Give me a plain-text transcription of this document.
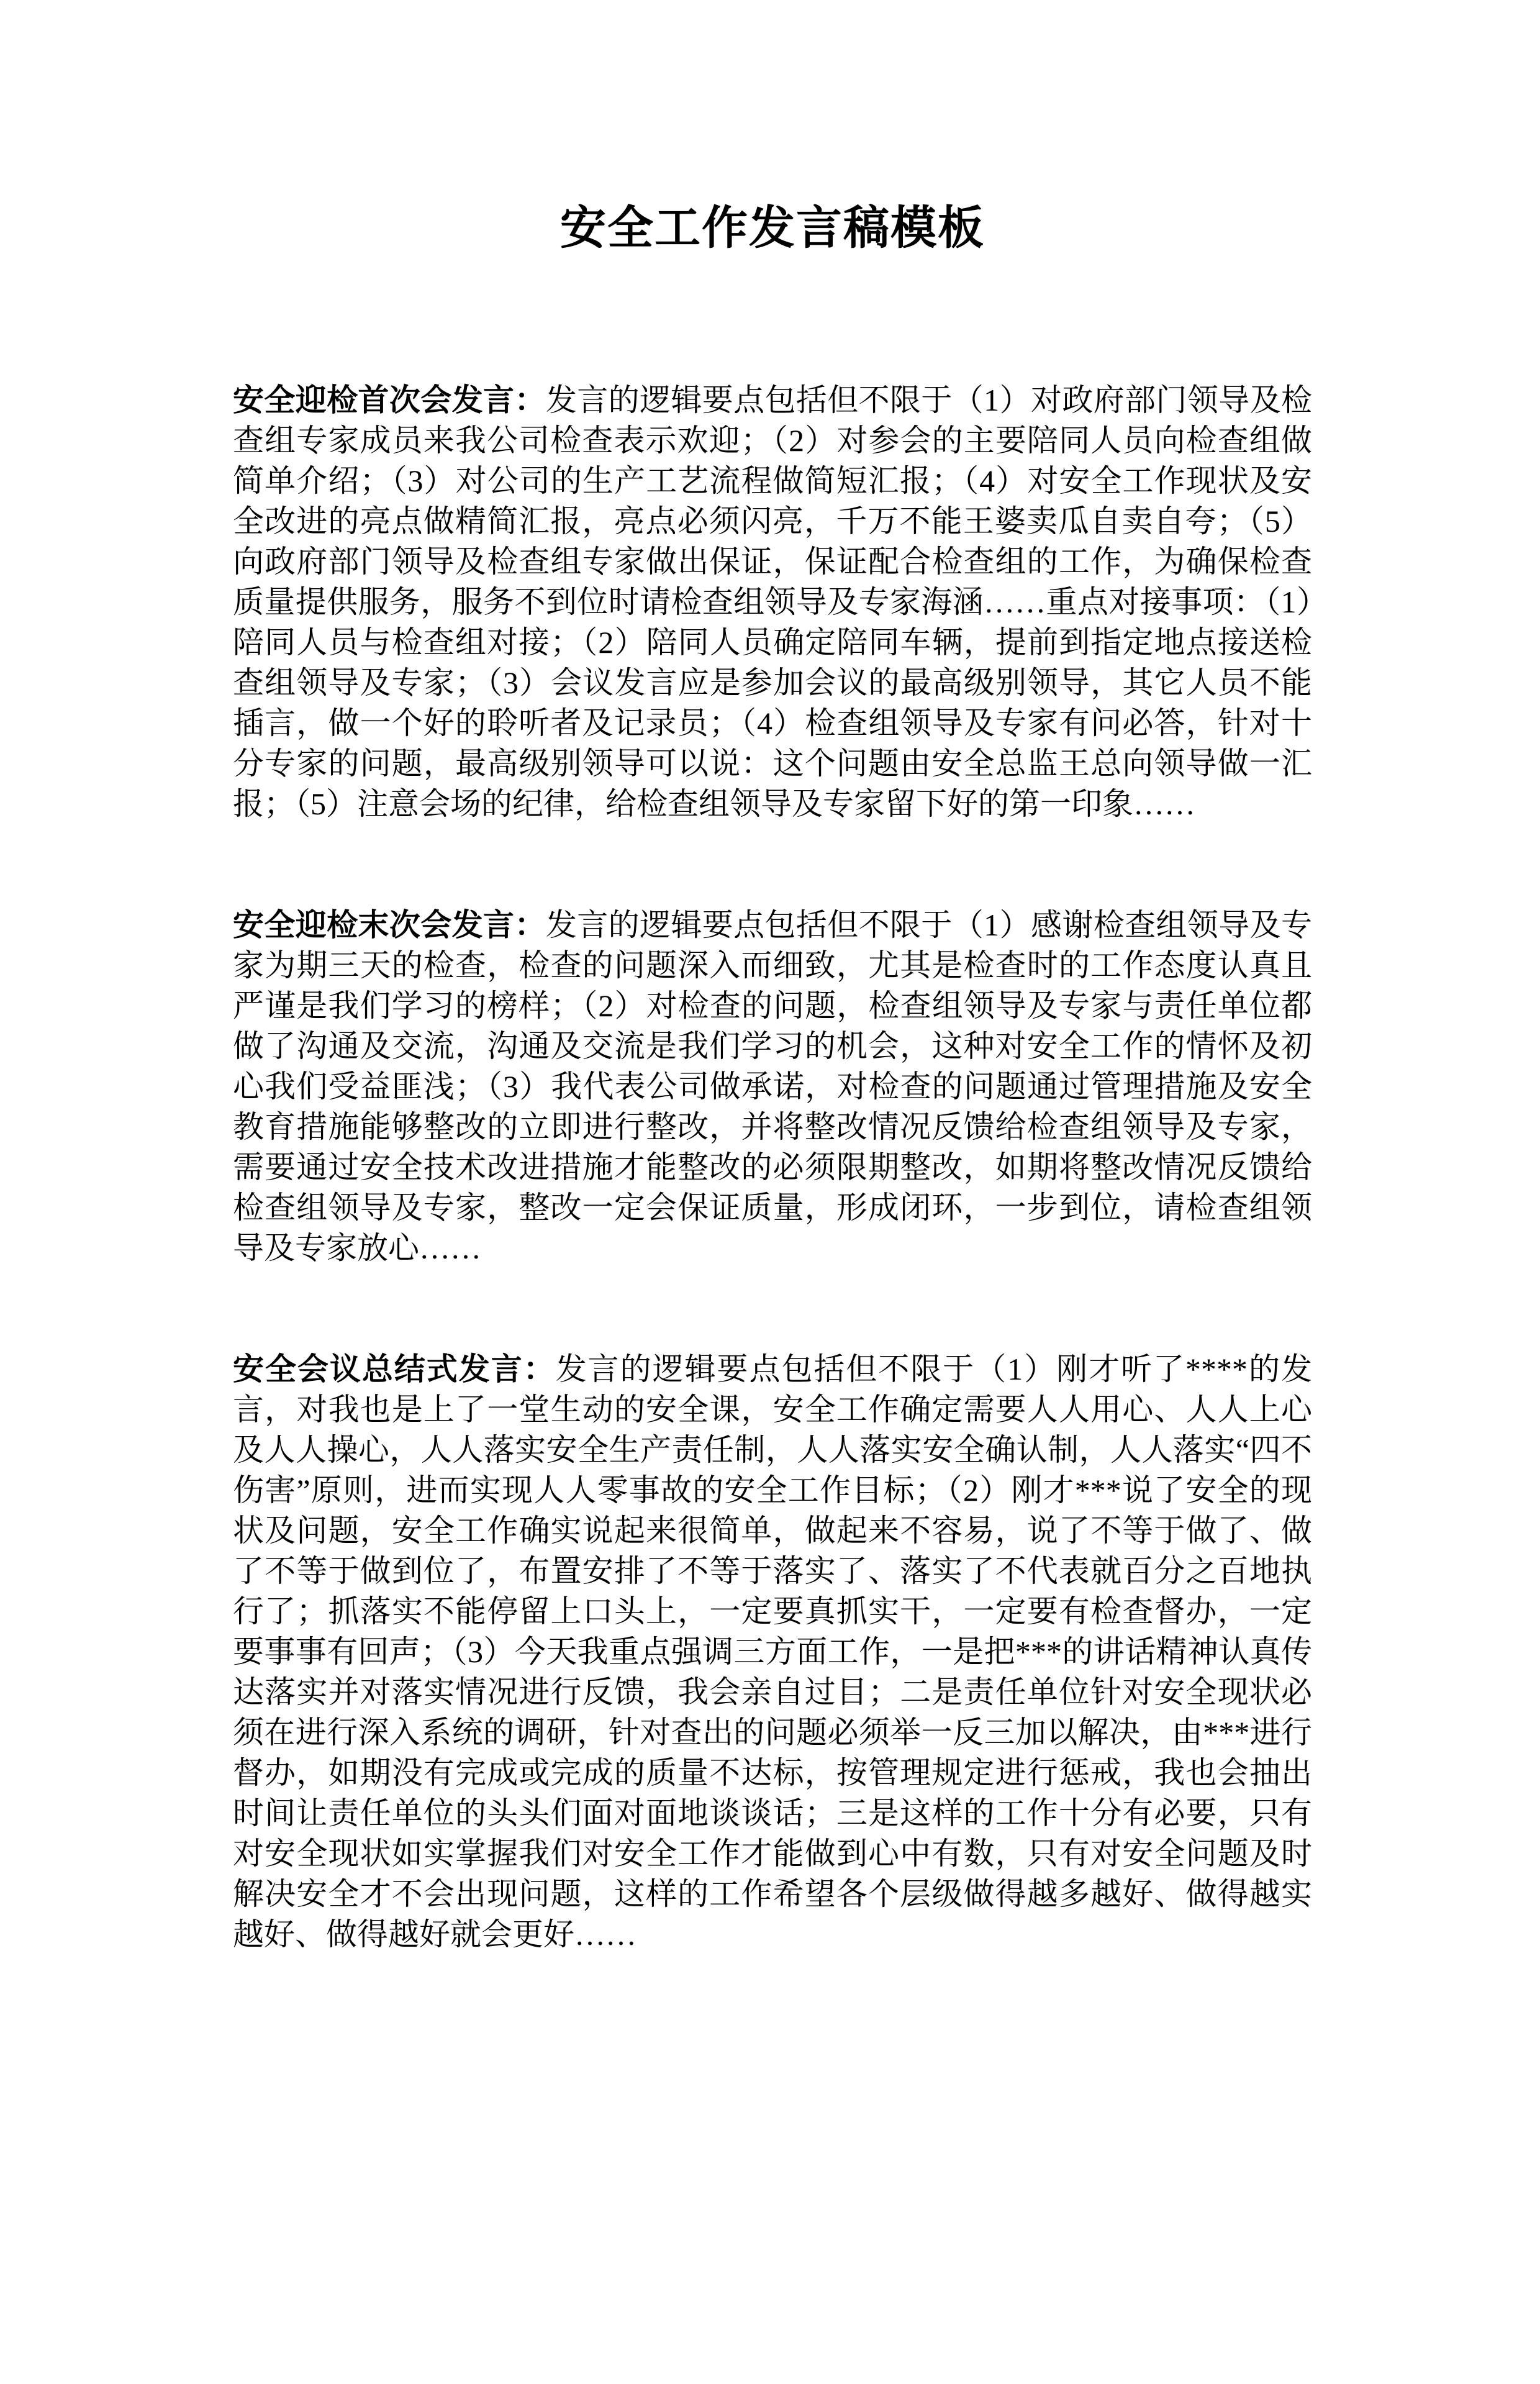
安全工作发言稿模板

安全迎检首次会发言：发言的逻辑要点包括但不限于（1）对政府部门领导及检查组专家成员来我公司检查表示欢迎；（2）对参会的主要陪同人员向检查组做简单介绍；（3）对公司的生产工艺流程做简短汇报；（4）对安全工作现状及安全改进的亮点做精简汇报，亮点必须闪亮，千万不能王婆卖瓜自卖自夸；（5）向政府部门领导及检查组专家做出保证，保证配合检查组的工作，为确保检查质量提供服务，服务不到位时请检查组领导及专家海涵……重点对接事项：（1）陪同人员与检查组对接；（2）陪同人员确定陪同车辆，提前到指定地点接送检查组领导及专家；（3）会议发言应是参加会议的最高级别领导，其它人员不能插言，做一个好的聆听者及记录员；（4）检查组领导及专家有问必答，针对十分专家的问题，最高级别领导可以说：这个问题由安全总监王总向领导做一汇报；（5）注意会场的纪律，给检查组领导及专家留下好的第一印象……

安全迎检末次会发言：发言的逻辑要点包括但不限于（1）感谢检查组领导及专家为期三天的检查，检查的问题深入而细致，尤其是检查时的工作态度认真且严谨是我们学习的榜样；（2）对检查的问题，检查组领导及专家与责任单位都做了沟通及交流，沟通及交流是我们学习的机会，这种对安全工作的情怀及初心我们受益匪浅；（3）我代表公司做承诺，对检查的问题通过管理措施及安全教育措施能够整改的立即进行整改，并将整改情况反馈给检查组领导及专家，需要通过安全技术改进措施才能整改的必须限期整改，如期将整改情况反馈给检查组领导及专家，整改一定会保证质量，形成闭环，一步到位，请检查组领导及专家放心……

安全会议总结式发言：发言的逻辑要点包括但不限于（1）刚才听了****的发言，对我也是上了一堂生动的安全课，安全工作确定需要人人用心、人人上心及人人操心，人人落实安全生产责任制，人人落实安全确认制，人人落实“四不伤害”原则，进而实现人人零事故的安全工作目标；（2）刚才***说了安全的现状及问题，安全工作确实说起来很简单，做起来不容易，说了不等于做了、做了不等于做到位了，布置安排了不等于落实了、落实了不代表就百分之百地执行了；抓落实不能停留上口头上，一定要真抓实干，一定要有检查督办，一定要事事有回声；（3）今天我重点强调三方面工作，一是把***的讲话精神认真传达落实并对落实情况进行反馈，我会亲自过目；二是责任单位针对安全现状必须在进行深入系统的调研，针对查出的问题必须举一反三加以解决，由***进行督办，如期没有完成或完成的质量不达标，按管理规定进行惩戒，我也会抽出时间让责任单位的头头们面对面地谈谈话；三是这样的工作十分有必要，只有对安全现状如实掌握我们对安全工作才能做到心中有数，只有对安全问题及时解决安全才不会出现问题，这样的工作希望各个层级做得越多越好、做得越实越好、做得越好就会更好……
